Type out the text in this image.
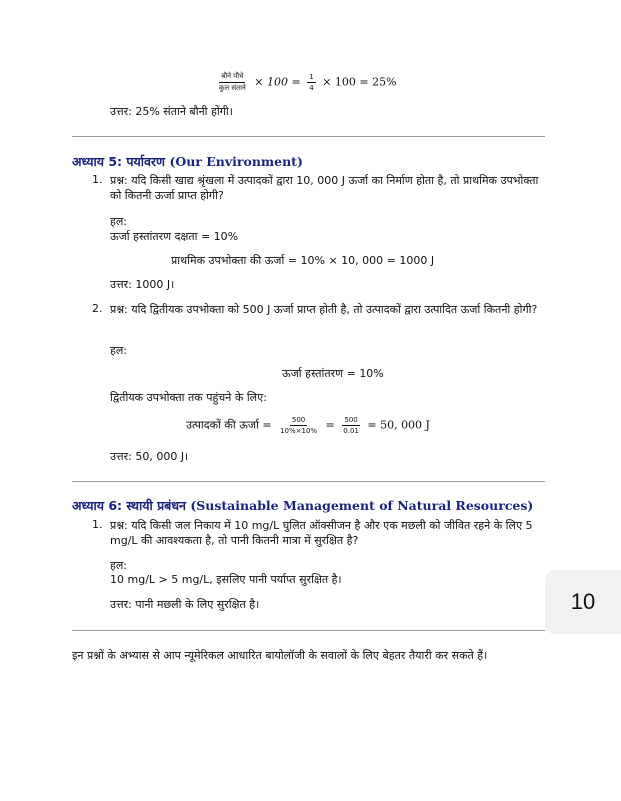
$\frac{\text{बौने पौधे}}{\text{कुल संताने}} \times 100 = \frac{1}{4} \times 100 = 25\%$
उत्तर: 25% संताने बौनी होंगी।
अध्याय 5: पर्यावरण (Our Environment)
1. प्रश्न: यदि किसी खाद्य श्रृंखला में उत्पादकों द्वारा 10, 000 J ऊर्जा का निर्माण होता है, तो प्राथमिक उपभोक्ता को कितनी ऊर्जा प्राप्त होगी?
हल:
ऊर्जा हस्तांतरण दक्षता = 10%
प्राथमिक उपभोक्ता की ऊर्जा = 10% × 10, 000 = 1000 J
उत्तर: 1000 J।
2. प्रश्न: यदि द्वितीयक उपभोक्ता को 500 J ऊर्जा प्राप्त होती है, तो उत्पादकों द्वारा उत्पादित ऊर्जा कितनी होगी?
हल:
ऊर्जा हस्तांतरण = 10%
द्वितीयक उपभोक्ता तक पहुंचने के लिए:
उत्पादकों की ऊर्जा = $\frac{500}{10\%\times 10\%} = \frac{500}{0.01} = 50$, 000 J
उत्तर: 50, 000 J।
अध्याय 6: स्थायी प्रबंधन (Sustainable Management of Natural Resources)
1. प्रश्न: यदि किसी जल निकाय में 10 mg/L घुलित ऑक्सीजन है और एक मछली को जीवित रहने के लिए 5 mg/L की आवश्यकता है, तो पानी कितनी मात्रा में सुरक्षित है?
हल:
10 mg/L > 5 mg/L, इसलिए पानी पर्याप्त सुरक्षित है।
उत्तर: पानी मछली के लिए सुरक्षित है।	10
इन प्रश्नों के अभ्यास से आप न्यूमेरिकल आधारित बायोलॉजी के सवालों के लिए बेहतर तैयारी कर सकते हैं।
